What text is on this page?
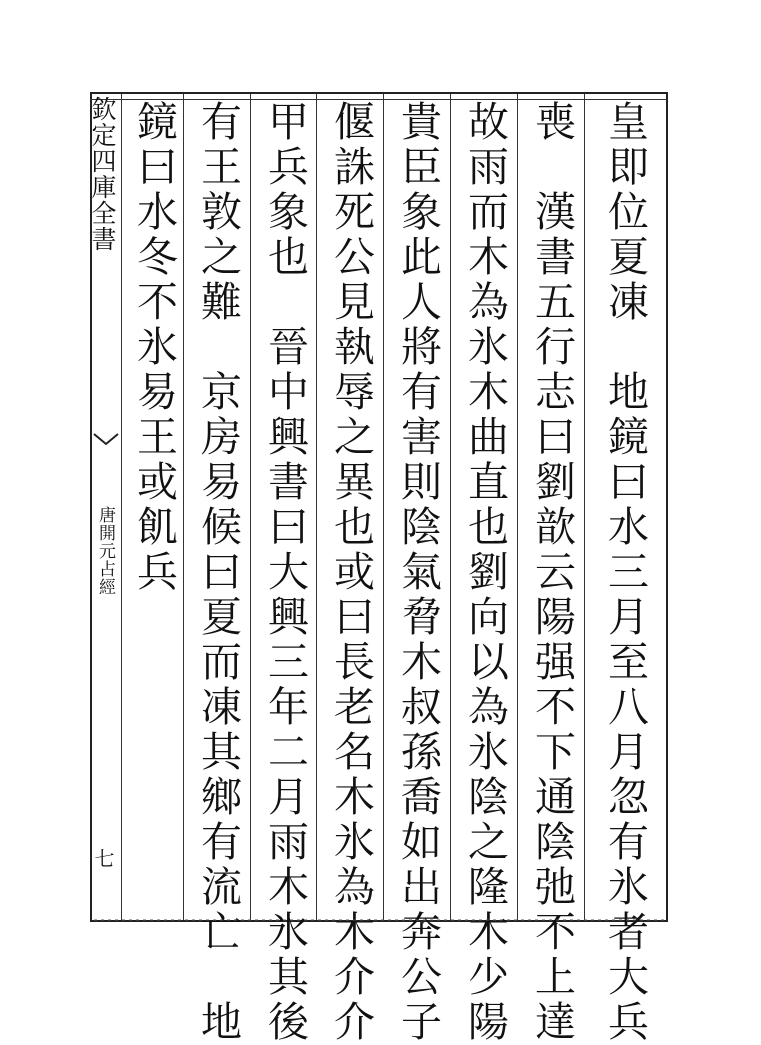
欽定四庫全書
唐開元占經
七	皇即位夏凍　地鏡曰水三月至八月忽有氷者大兵
喪　漢書五行志曰劉歆云陽强不下通陰弛不上達
故雨而木為氷木曲直也劉向以為氷陰之隆木少陽
貴臣象此人將有害則陰氣脅木叔孫喬如出奔公子
偃誅死公見執辱之異也或曰長老名木氷為木介介
甲兵象也　晉中興書曰大興三年二月雨木氷其後
有王敦之難　京房易候曰夏而凍其鄉有流亡　地
鏡曰水冬不氷易王或飢兵
